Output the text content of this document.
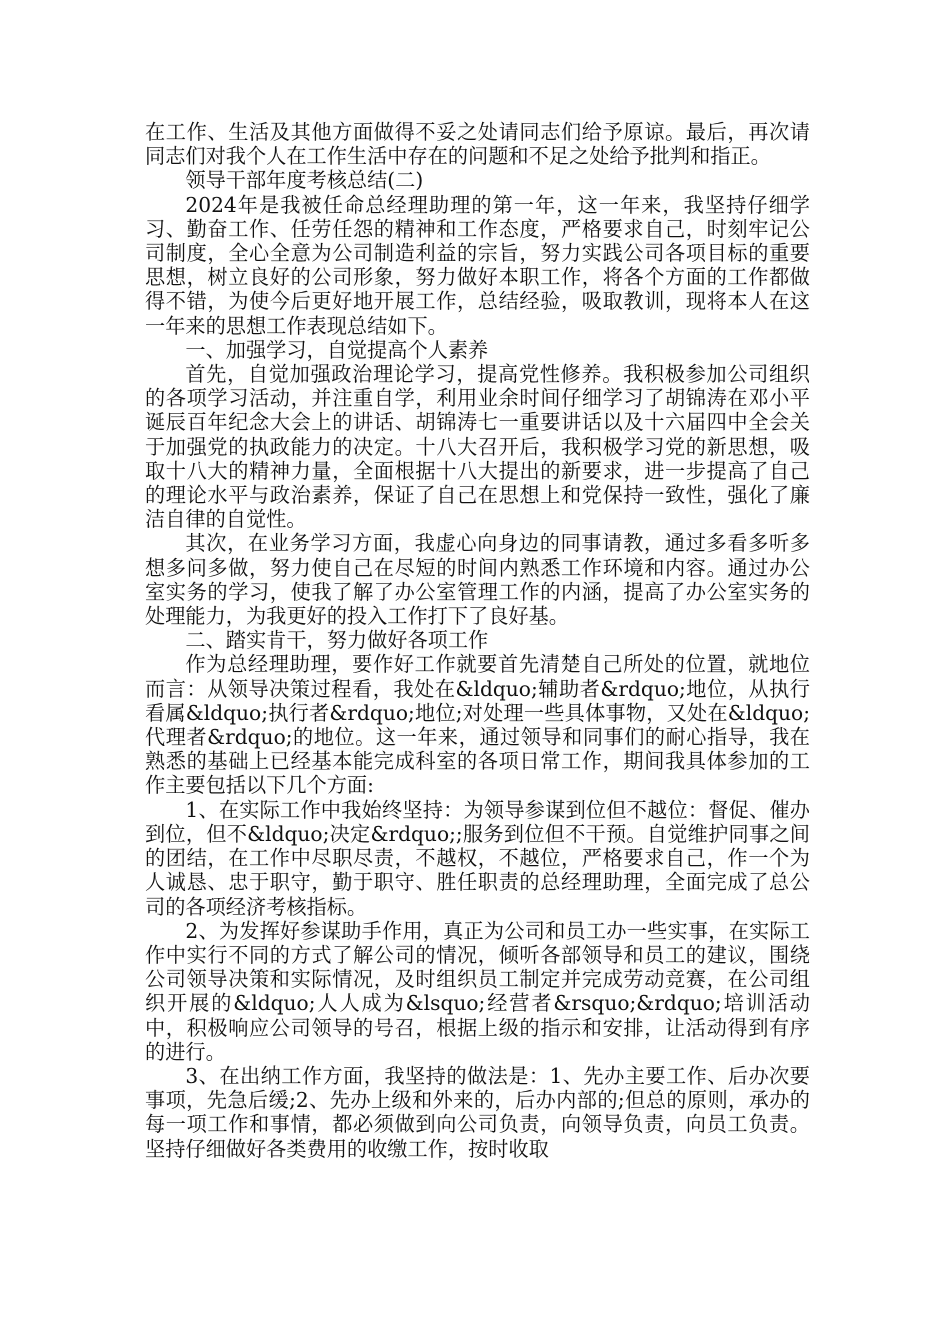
在工作、生活及其他方面做得不妥之处请同志们给予原谅。最后，再次请同志们对我个人在工作生活中存在的问题和不足之处给予批判和指正。

领导干部年度考核总结(二)

2024年是我被任命总经理助理的第一年，这一年来，我坚持仔细学习、勤奋工作、任劳任怨的精神和工作态度，严格要求自己，时刻牢记公司制度，全心全意为公司制造利益的宗旨，努力实践公司各项目标的重要思想，树立良好的公司形象，努力做好本职工作，将各个方面的工作都做得不错，为使今后更好地开展工作，总结经验，吸取教训，现将本人在这一年来的思想工作表现总结如下。

一、加强学习，自觉提高个人素养

首先，自觉加强政治理论学习，提高党性修养。我积极参加公司组织的各项学习活动，并注重自学，利用业余时间仔细学习了胡锦涛在邓小平诞辰百年纪念大会上的讲话、胡锦涛七一重要讲话以及十六届四中全会关于加强党的执政能力的决定。十八大召开后，我积极学习党的新思想，吸取十八大的精神力量，全面根据十八大提出的新要求，进一步提高了自己的理论水平与政治素养，保证了自己在思想上和党保持一致性，强化了廉洁自律的自觉性。

其次，在业务学习方面，我虚心向身边的同事请教，通过多看多听多想多问多做，努力使自己在尽短的时间内熟悉工作环境和内容。通过办公室实务的学习，使我了解了办公室管理工作的内涵，提高了办公室实务的处理能力，为我更好的投入工作打下了良好基。

二、踏实肯干，努力做好各项工作

作为总经理助理，要作好工作就要首先清楚自己所处的位置，就地位而言：从领导决策过程看，我处在&ldquo;辅助者&rdquo;地位，从执行看属&ldquo;执行者&rdquo;地位;对处理一些具体事物，又处在&ldquo;代理者&rdquo;的地位。这一年来，通过领导和同事们的耐心指导，我在熟悉的基础上已经基本能完成科室的各项日常工作，期间我具体参加的工作主要包括以下几个方面:

1、在实际工作中我始终坚持：为领导参谋到位但不越位：督促、催办到位，但不&ldquo;决定&rdquo;;服务到位但不干预。自觉维护同事之间的团结，在工作中尽职尽责，不越权，不越位，严格要求自己，作一个为人诚恳、忠于职守，勤于职守、胜任职责的总经理助理，全面完成了总公司的各项经济考核指标。

2、为发挥好参谋助手作用，真正为公司和员工办一些实事，在实际工作中实行不同的方式了解公司的情况，倾听各部领导和员工的建议，围绕公司领导决策和实际情况，及时组织员工制定并完成劳动竞赛，在公司组织开展的&ldquo;人人成为&lsquo;经营者&rsquo;&rdquo;培训活动中，积极响应公司领导的号召，根据上级的指示和安排，让活动得到有序的进行。

3、在出纳工作方面，我坚持的做法是：1、先办主要工作、后办次要事项，先急后缓;2、先办上级和外来的，后办内部的;但总的原则，承办的每一项工作和事情，都必须做到向公司负责，向领导负责，向员工负责。坚持仔细做好各类费用的收缴工作，按时收取
